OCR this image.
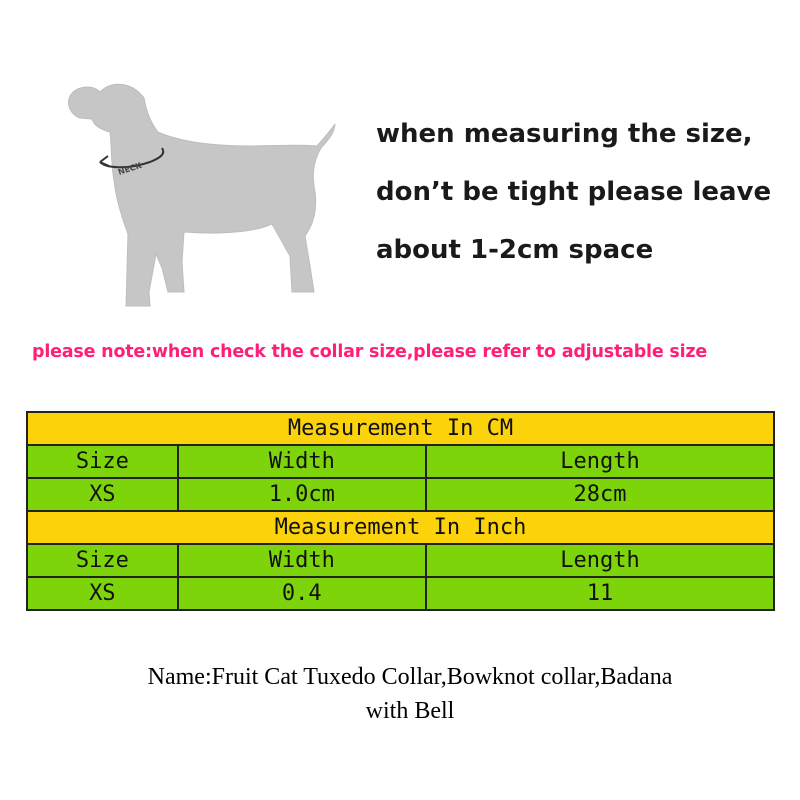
NECK
when measuring the size,
don’t be tight please leave
about 1-2cm space
please note:when check the collar size,please refer to adjustable size
Measurement In CM		
Size	Width	Length
XS	1.0cm	28cm
Measurement In Inch		
Size	Width	Length
XS	0.4	11
Name:Fruit Cat Tuxedo Collar,Bowknot collar,Badana
with Bell
